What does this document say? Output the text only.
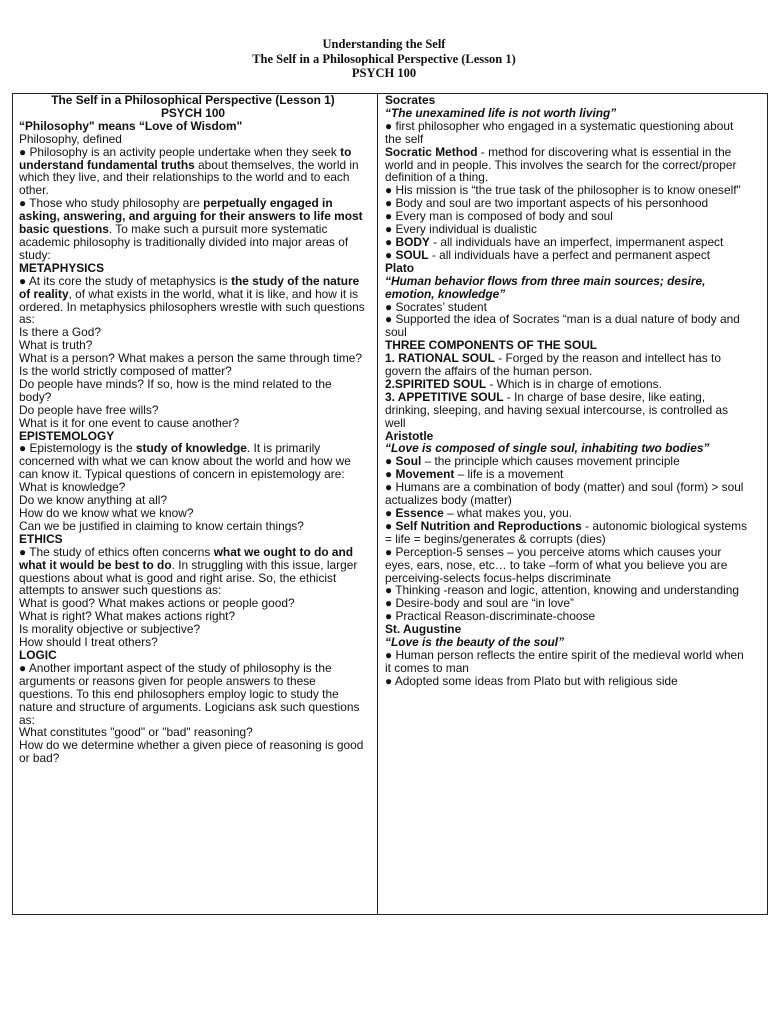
Understanding the Self
The Self in a Philosophical Perspective (Lesson 1)
PSYCH 100
The Self in a Philosophical Perspective (Lesson 1)
PSYCH 100
“Philosophy" means “Love of Wisdom"
Philosophy, defined
● Philosophy is an activity people undertake when they seek to understand fundamental truths about themselves, the world in which they live, and their relationships to the world and to each other.
● Those who study philosophy are perpetually engaged in asking, answering, and arguing for their answers to life most basic questions. To make such a pursuit more systematic academic philosophy is traditionally divided into major areas of study:
METAPHYSICS
● At its core the study of metaphysics is the study of the nature of reality, of what exists in the world, what it is like, and how it is ordered. In metaphysics philosophers wrestle with such questions as:
Is there a God?
What is truth?
What is a person? What makes a person the same through time?
Is the world strictly composed of matter?
Do people have minds? If so, how is the mind related to the body?
Do people have free wills?
What is it for one event to cause another?
EPISTEMOLOGY
● Epistemology is the study of knowledge. It is primarily concerned with what we can know about the world and how we can know it. Typical questions of concern in epistemology are:
What is knowledge?
Do we know anything at all?
How do we know what we know?
Can we be justified in claiming to know certain things?
ETHICS
● The study of ethics often concerns what we ought to do and what it would be best to do. In struggling with this issue, larger questions about what is good and right arise. So, the ethicist attempts to answer such questions as:
What is good? What makes actions or people good?
What is right? What makes actions right?
Is morality objective or subjective?
How should I treat others?
LOGIC
● Another important aspect of the study of philosophy is the arguments or reasons given for people answers to these questions. To this end philosophers employ logic to study the nature and structure of arguments. Logicians ask such questions as:
What constitutes "good" or "bad" reasoning?
How do we determine whether a given piece of reasoning is good or bad?
Socrates
“The unexamined life is not worth living”
● first philosopher who engaged in a systematic questioning about the self
Socratic Method - method for discovering what is essential in the world and in people. This involves the search for the correct/proper definition of a thing.
● His mission is “the true task of the philosopher is to know oneself"
● Body and soul are two important aspects of his personhood
● Every man is composed of body and soul
● Every individual is dualistic
● BODY - all individuals have an imperfect, impermanent aspect
● SOUL - all individuals have a perfect and permanent aspect
Plato
“Human behavior flows from three main sources; desire, emotion, knowledge”
● Socrates’ student
● Supported the idea of Socrates “man is a dual nature of body and soul
THREE COMPONENTS OF THE SOUL
1. RATIONAL SOUL - Forged by the reason and intellect has to govern the affairs of the human person.
2.SPIRITED SOUL - Which is in charge of emotions.
3. APPETITIVE SOUL - In charge of base desire, like eating, drinking, sleeping, and having sexual intercourse, is controlled as well
Aristotle
“Love is composed of single soul, inhabiting two bodies”
● Soul – the principle which causes movement principle
● Movement – life is a movement
● Humans are a combination of body (matter) and soul (form) > soul actualizes body (matter)
● Essence – what makes you, you.
● Self Nutrition and Reproductions - autonomic biological systems = life = begins/generates & corrupts (dies)
● Perception-5 senses – you perceive atoms which causes your eyes, ears, nose, etc… to take –form of what you believe you are perceiving-selects focus-helps discriminate
● Thinking -reason and logic, attention, knowing and understanding
● Desire-body and soul are “in love”
● Practical Reason-discriminate-choose
St. Augustine
“Love is the beauty of the soul”
● Human person reflects the entire spirit of the medieval world when it comes to man
● Adopted some ideas from Plato but with religious side
